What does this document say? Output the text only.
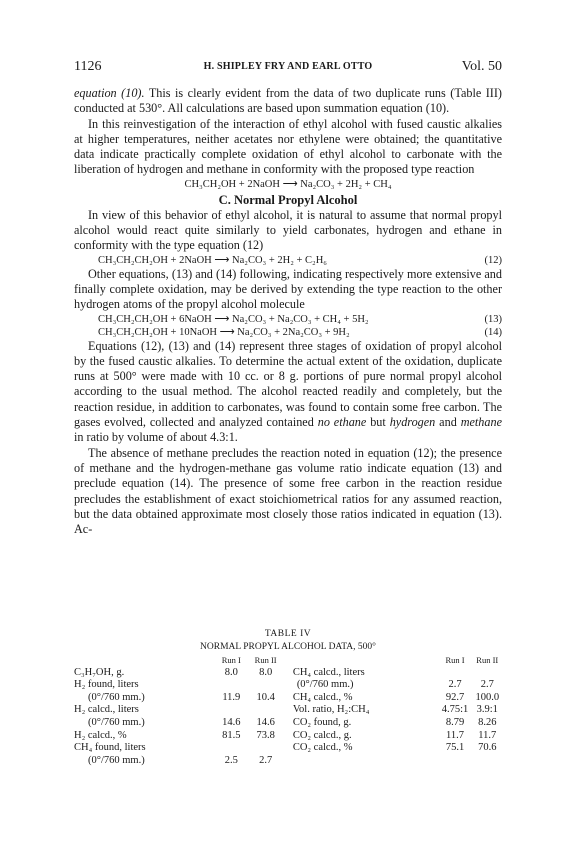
1126	H. SHIPLEY FRY AND EARL OTTO	Vol. 50

equation (10). This is clearly evident from the data of two duplicate runs (Table III) conducted at 530°. All calculations are based upon summation equation (10).

In this reinvestigation of the interaction of ethyl alcohol with fused caustic alkalies at higher temperatures, neither acetates nor ethylene were obtained; the quantitative data indicate practically complete oxidation of ethyl alcohol to carbonate with the liberation of hydrogen and methane in conformity with the proposed type reaction

CH₃CH₂OH + 2NaOH ⟶ Na₂CO₃ + 2H₂ + CH₄
C. Normal Propyl Alcohol

In view of this behavior of ethyl alcohol, it is natural to assume that normal propyl alcohol would react quite similarly to yield carbonates, hydrogen and ethane in conformity with the type equation (12)

CH₃CH₂CH₂OH + 2NaOH ⟶ Na₂CO₃ + 2H₂ + C₂H₆	(12)

Other equations, (13) and (14) following, indicating respectively more extensive and finally complete oxidation, may be derived by extending the type reaction to the other hydrogen atoms of the propyl alcohol molecule

CH₃CH₂CH₂OH + 6NaOH ⟶ Na₂CO₃ + Na₂CO₃ + CH₄ + 5H₂	(13)
CH₃CH₂CH₂OH + 10NaOH ⟶ Na₂CO₃ + 2Na₂CO₃ + 9H₂	(14)

Equations (12), (13) and (14) represent three stages of oxidation of propyl alcohol by the fused caustic alkalies. To determine the actual extent of the oxidation, duplicate runs at 500° were made with 10 cc. or 8 g. portions of pure normal propyl alcohol according to the usual method. The alcohol reacted readily and completely, but the reaction residue, in addition to carbonates, was found to contain some free carbon. The gases evolved, collected and analyzed contained no ethane but hydrogen and methane in ratio by volume of about 4.3:1.

The absence of methane precludes the reaction noted in equation (12); the presence of methane and the hydrogen-methane gas volume ratio indicate equation (13) and preclude equation (14). The presence of some free carbon in the reaction residue precludes the establishment of exact stoichiometrical ratios for any assumed reaction, but the data obtained approximate most closely those ratios indicated in equation (13). Ac-

TABLE IV
NORMAL PROPYL ALCOHOL DATA, 500°
	Run I	Run II		Run I	Run II
C₃H₇OH, g.	8.0	8.0	CH₄ calcd., liters		
H₂ found, liters			(0°/760 mm.)	2.7	2.7
(0°/760 mm.)	11.9	10.4	CH₄ calcd., %	92.7	100.0
H₂ calcd., liters			Vol. ratio, H₂:CH₄	4.75:1	3.9:1
(0°/760 mm.)	14.6	14.6	CO₂ found, g.	8.79	8.26
H₂ calcd., %	81.5	73.8	CO₂ calcd., g.	11.7	11.7
CH₄ found, liters			CO₂ calcd., %	75.1	70.6
(0°/760 mm.)	2.5	2.7			
